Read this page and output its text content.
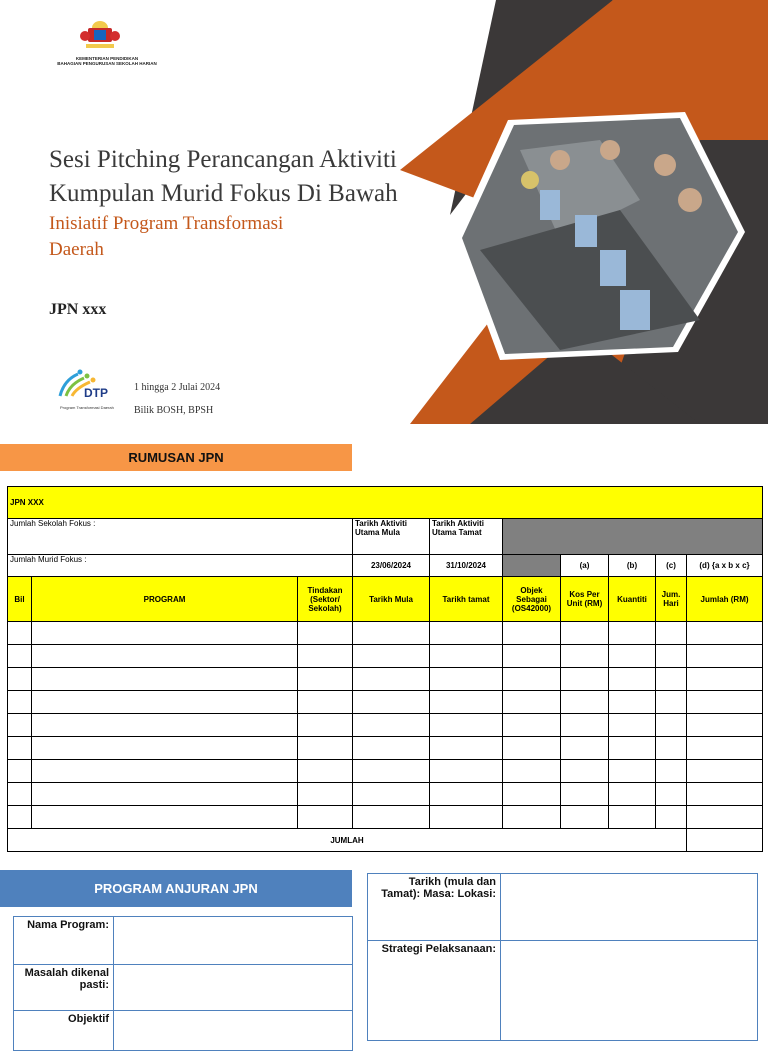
KEMENTERIAN PENDIDIKAN
BAHAGIAN PENGURUSAN SEKOLAH HARIAN
Sesi Pitching Perancangan Aktiviti
Kumpulan Murid Fokus Di Bawah
Inisiatif Program Transformasi
Daerah
JPN xxx
DTP
Program Transformasi Daerah
1 hingga 2 Julai 2024
Bilik BOSH, BPSH
RUMUSAN JPN
JPN XXX									
Jumlah Sekolah Fokus :			Tarikh Aktiviti Utama Mula	Tarikh Aktiviti Utama Tamat					
Jumlah Murid Fokus :			23/06/2024	31/10/2024		(a)	(b)	(c)	(d) {a x b x c}
Bil	PROGRAM	Tindakan (Sektor/ Sekolah)	Tarikh Mula	Tarikh tamat	Objek Sebagai (OS42000)	Kos Per Unit (RM)	Kuantiti	Jum. Hari	Jumlah (RM)

JUMLAH									
PROGRAM ANJURAN JPN
Nama Program:	
Masalah dikenal pasti:	
Objektif	
Tarikh (mula dan Tamat): Masa: Lokasi:	
Strategi Pelaksanaan:	
